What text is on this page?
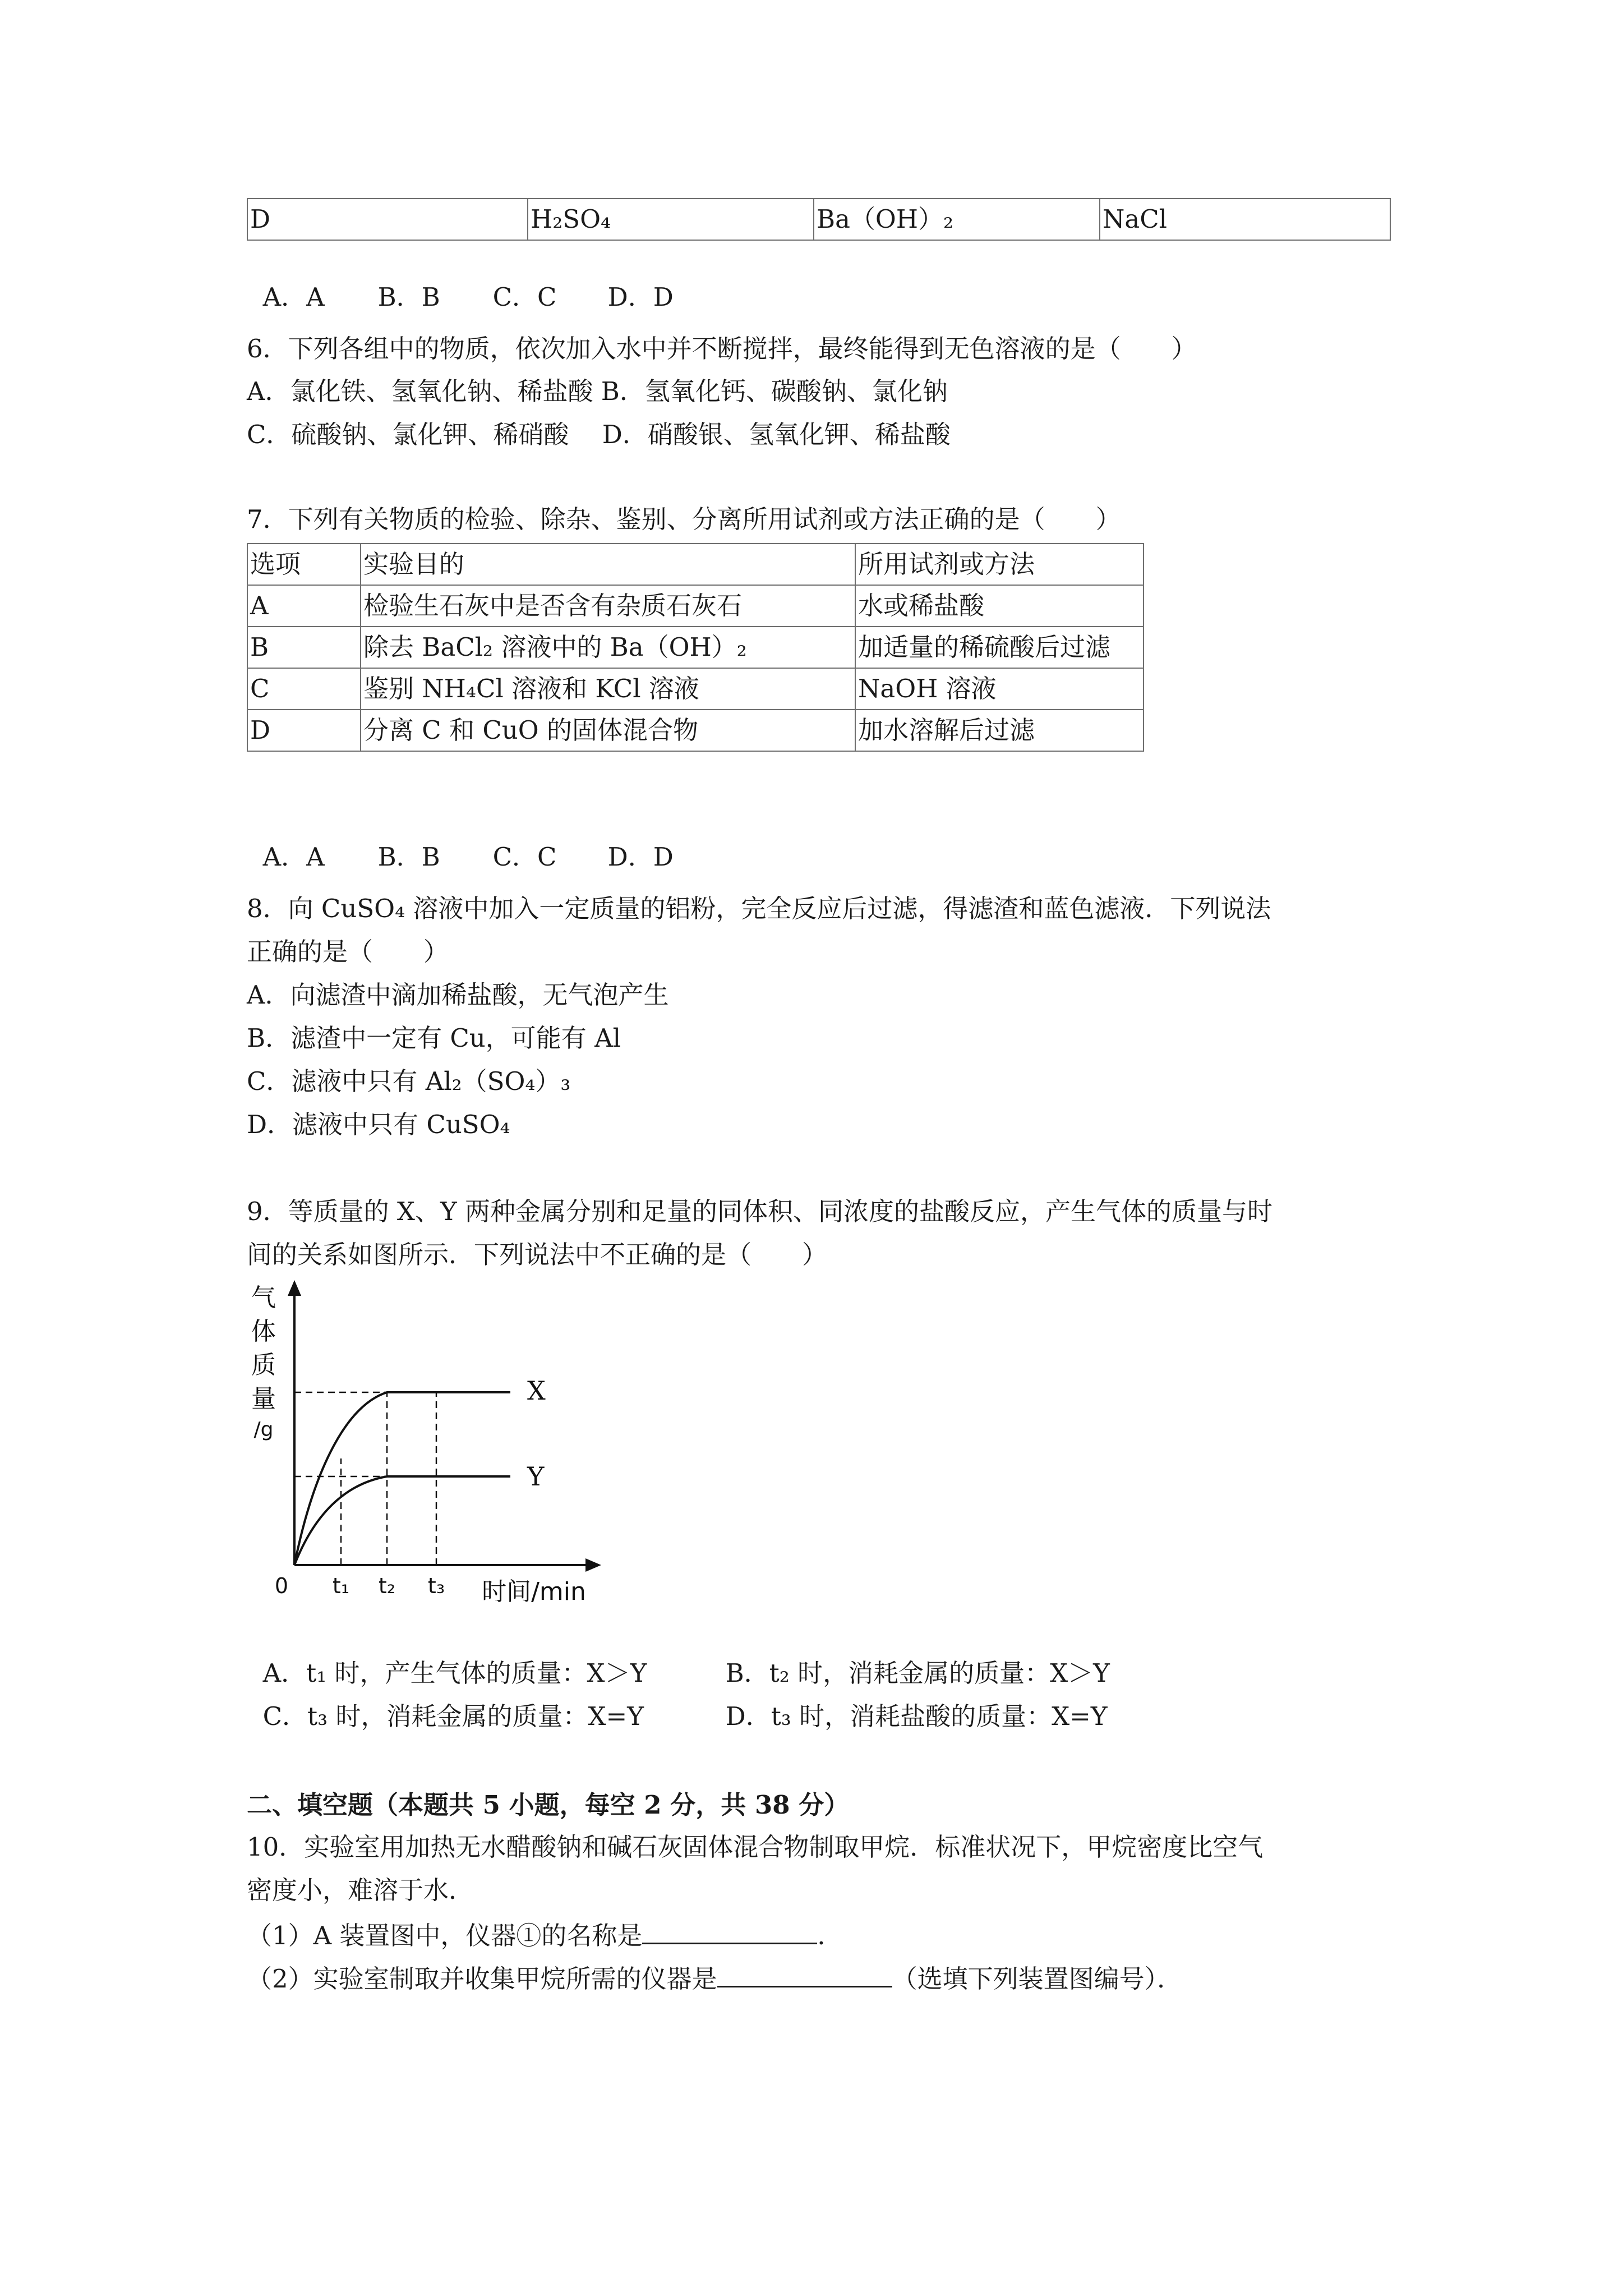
D	H₂SO₄	Ba（OH）₂	NaCl

A．A B．B C．C D．D

6．下列各组中的物质，依次加入水中并不断搅拌，最终能得到无色溶液的是（　　）
A．氯化铁、氢氧化钠、稀盐酸 B．氢氧化钙、碳酸钠、氯化钠
C．硫酸钠、氯化钾、稀硝酸　 D．硝酸银、氢氧化钾、稀盐酸
7．下列有关物质的检验、除杂、鉴别、分离所用试剂或方法正确的是（　　）
选项	实验目的	所用试剂或方法
A	检验生石灰中是否含有杂质石灰石	水或稀盐酸
B	除去 BaCl₂ 溶液中的 Ba（OH）₂	加适量的稀硫酸后过滤
C	鉴别 NH₄Cl 溶液和 KCl 溶液	NaOH 溶液
D	分离 C 和 CuO 的固体混合物	加水溶解后过滤

A．A B．B C．C D．D

8．向 CuSO₄ 溶液中加入一定质量的铝粉，完全反应后过滤，得滤渣和蓝色滤液．下列说法
正确的是（　　）
A．向滤渣中滴加稀盐酸，无气泡产生
B．滤渣中一定有 Cu，可能有 Al
C．滤液中只有 Al₂（SO₄）₃
D．滤液中只有 CuSO₄
9．等质量的 X、Y 两种金属分别和足量的同体积、同浓度的盐酸反应，产生气体的质量与时
间的关系如图所示．下列说法中不正确的是（　　）
气
体
质
量
/g
X
Y
0 t₁ t₂ t₃ 时间/min

A．t₁ 时，产生气体的质量：X＞Y	B．t₂ 时，消耗金属的质量：X＞Y

C．t₃ 时，消耗金属的质量：X=Y	D．t₃ 时，消耗盐酸的质量：X=Y

二、填空题（本题共 5 小题，每空 2 分，共 38 分）
10．实验室用加热无水醋酸钠和碱石灰固体混合物制取甲烷．标准状况下，甲烷密度比空气
密度小，难溶于水．
（1）A 装置图中，仪器①的名称是	．
（2）实验室制取并收集甲烷所需的仪器是	（选填下列装置图编号）．
